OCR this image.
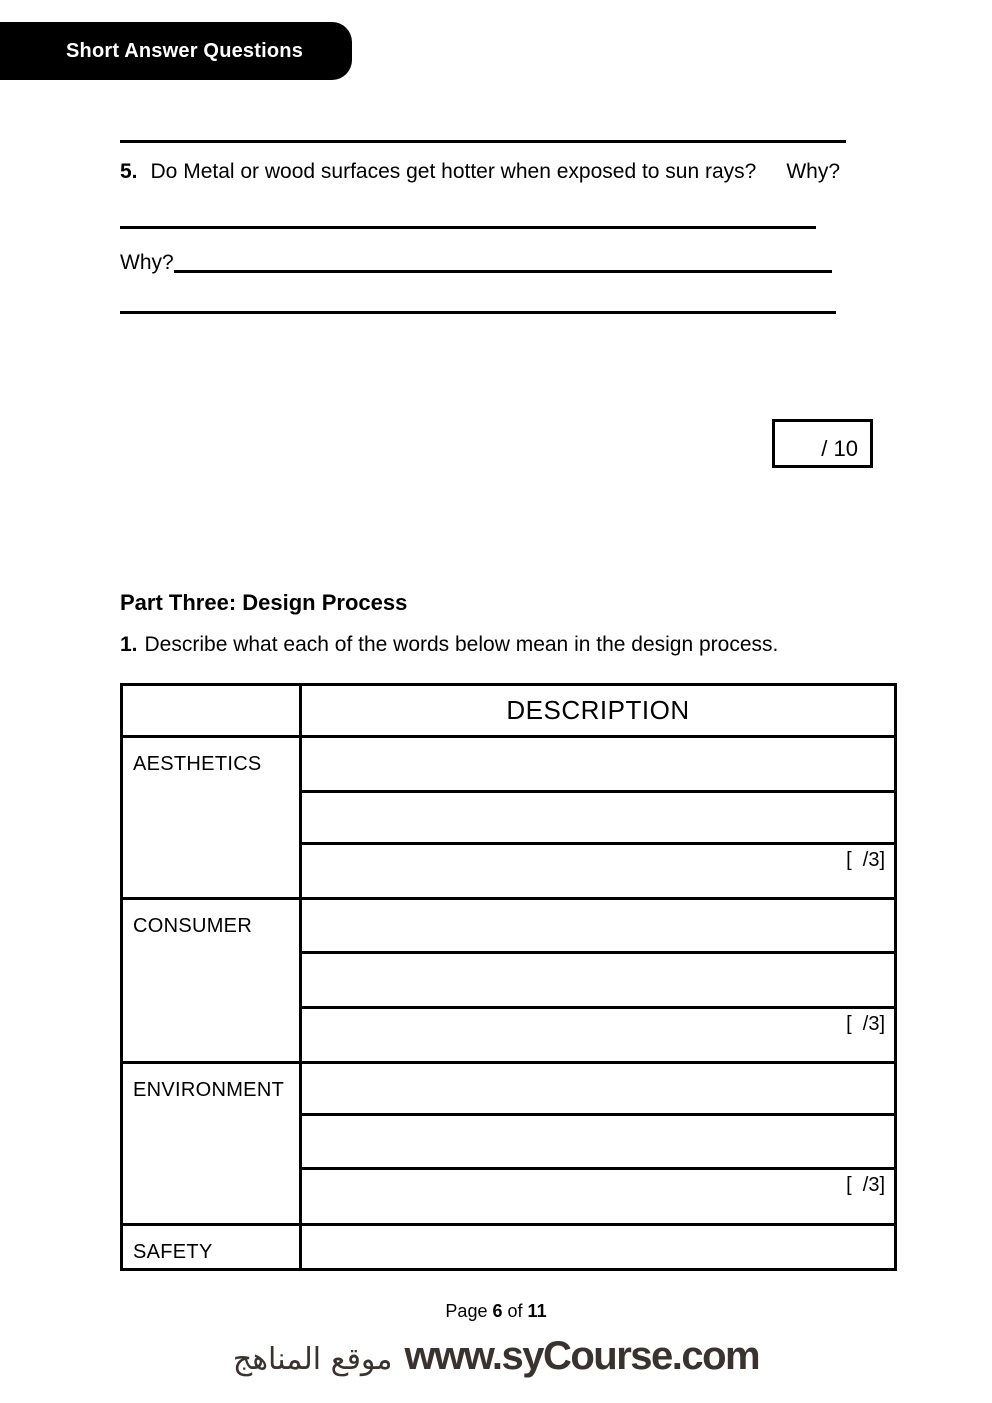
Short Answer Questions
5. Do Metal or wood surfaces get hotter when exposed to sun rays? Why?
Why?
/ 10
Part Three: Design Process
1. Describe what each of the words below mean in the design process.
DESCRIPTION
AESTHETICS
[  /3]
CONSUMER
[  /3]
ENVIRONMENT
[  /3]
SAFETY
Page 6 of 11
موقع المناهج www.syCourse.com
